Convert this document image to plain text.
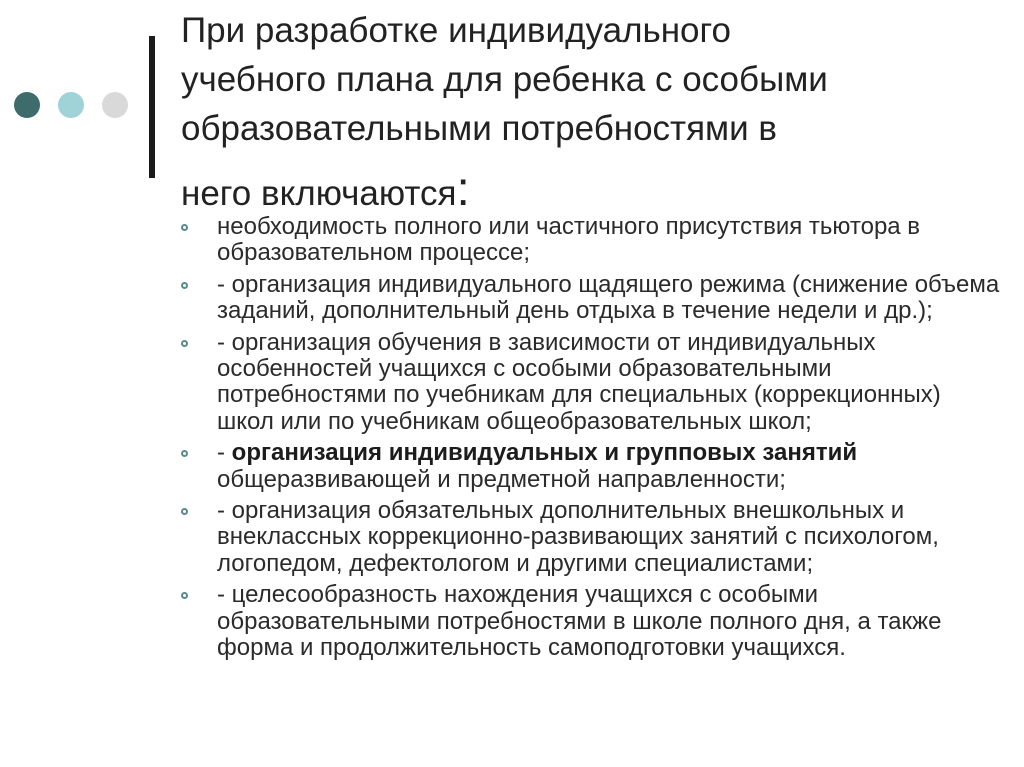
При разработке индивидуального
учебного плана для ребенка с особыми
образовательными потребностями в
него включаются:
необходимость полного или частичного присутствия тьютора в образовательном процессе;
- организация индивидуального щадящего режима (снижение объема заданий, дополнительный день отдыха в течение недели и др.);
- организация обучения в зависимости от индивидуальных особенностей учащихся с особыми образовательными потребностями по учебникам для специальных (коррекционных) школ или по учебникам общеобразовательных школ;
- организация индивидуальных и групповых занятий общеразвивающей и предметной направленности;
- организация обязательных дополнительных внешкольных и внеклассных коррекционно-развивающих занятий с психологом, логопедом, дефектологом и другими специалистами;
- целесообразность нахождения учащихся с особыми образовательными потребностями в школе полного дня, а также форма и продолжительность самоподготовки учащихся.
